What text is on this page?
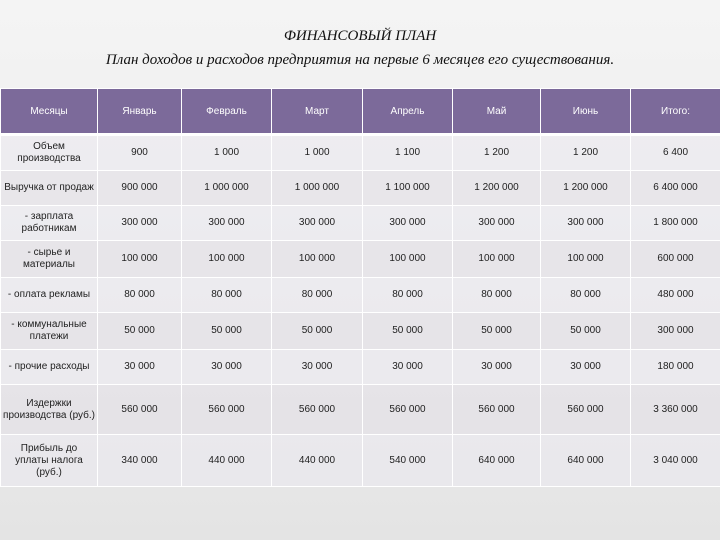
ФИНАНСОВЫЙ ПЛАН
План доходов и расходов предприятия на первые 6 месяцев его существования.
Месяцы	Январь	Февраль	Март	Апрель	Май	Июнь	Итого:
Объем производства	900	1 000	1 000	1 100	1 200	1 200	6 400
Выручка от продаж	900 000	1 000 000	1 000 000	1 100 000	1 200 000	1 200 000	6 400 000
- зарплата работникам	300 000	300 000	300 000	300 000	300 000	300 000	1 800 000
- сырье и материалы	100 000	100 000	100 000	100 000	100 000	100 000	600 000
- оплата рекламы	80 000	80 000	80 000	80 000	80 000	80 000	480 000
- коммунальные платежи	50 000	50 000	50 000	50 000	50 000	50 000	300 000
- прочие расходы	30 000	30 000	30 000	30 000	30 000	30 000	180 000
Издержки производства (руб.)	560 000	560 000	560 000	560 000	560 000	560 000	3 360 000
Прибыль до уплаты налога (руб.)	340 000	440 000	440 000	540 000	640 000	640 000	3 040 000
